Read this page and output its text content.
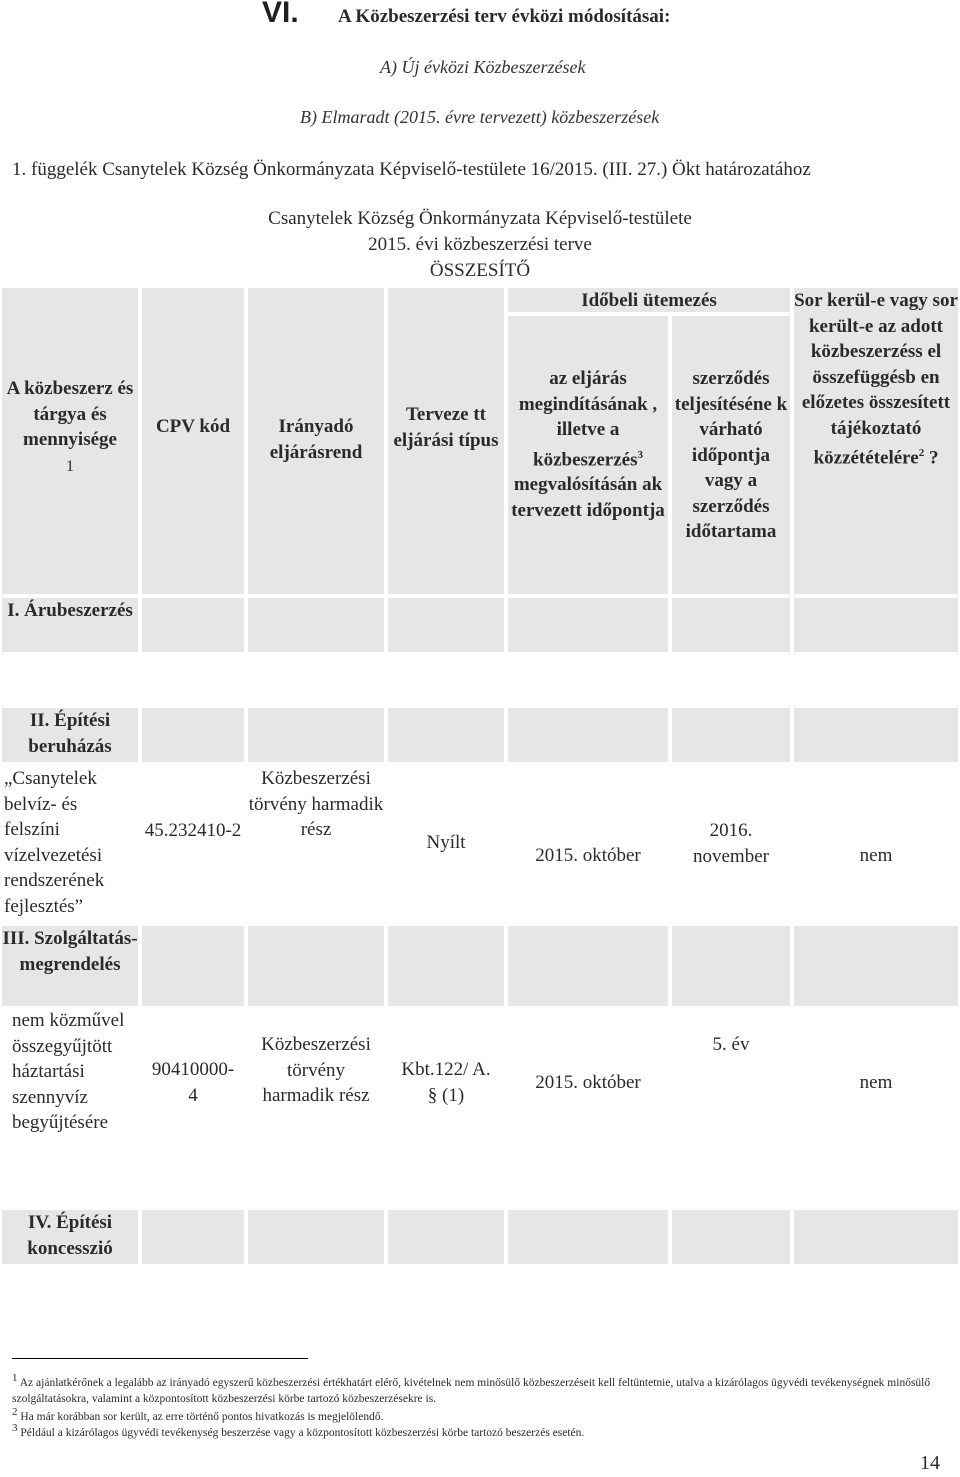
VI. A Közbeszerzési terv évközi módosításai:
A) Új évközi Közbeszerzések
B) Elmaradt (2015. évre tervezett) közbeszerzések
1. függelék Csanytelek Község Önkormányzata Képviselő-testülete 16/2015. (III. 27.) Ökt határozatához
Csanytelek Község Önkormányzata Képviselő-testülete
2015. évi közbeszerzési terve
ÖSSZESÍTŐ
A közbeszerz és tárgya és mennyisége
1
CPV kód	Irányadó eljárásrend
Terveze tt eljárási típus
Időbeli ütemezés
az eljárás megindításának , illetve a közbeszerzés$^3$ megvalósításán ak tervezett időpontja
szerződés teljesítéséne k várható időpontja vagy a szerződés időtartama
Sor kerül-e vagy sor került-e az adott közbeszerzéss el összefüggésb en előzetes összesített tájékoztató közzétételére$^2$ ?
I. Árubeszerzés
II. Építési beruházás
„Csanytelek belvíz- és felszíni vízelvezetési rendszerének fejlesztés”
45.232410-2
Közbeszerzési törvény harmadik rész
Nyílt
2015. október
2016. november	nem
III. Szolgáltatás-megrendelés
nem közművel összegyűjtött háztartási szennyvíz begyűjtésére
90410000-4
Közbeszerzési törvény harmadik rész
Kbt.122/ A. § (1)
2015. október
5. év
nem
IV. Építési koncesszió
$^1$ Az ajánlatkérőnek a legalább az irányadó egyszerű közbeszerzési értékhatárt elérő, kivételnek nem minősülő közbeszerzéseit kell feltüntetnie, utalva a kizárólagos ügyvédi tevékenységnek minősülő szolgáltatásokra, valamint a központosított közbeszerzési körbe tartozó közbeszerzésekre is.
$^2$ Ha már korábban sor került, az erre történő pontos hivatkozás is megjelölendő.
$^3$ Például a kizárólagos ügyvédi tevékenység beszerzése vagy a központosított közbeszerzési körbe tartozó beszerzés esetén.
14
